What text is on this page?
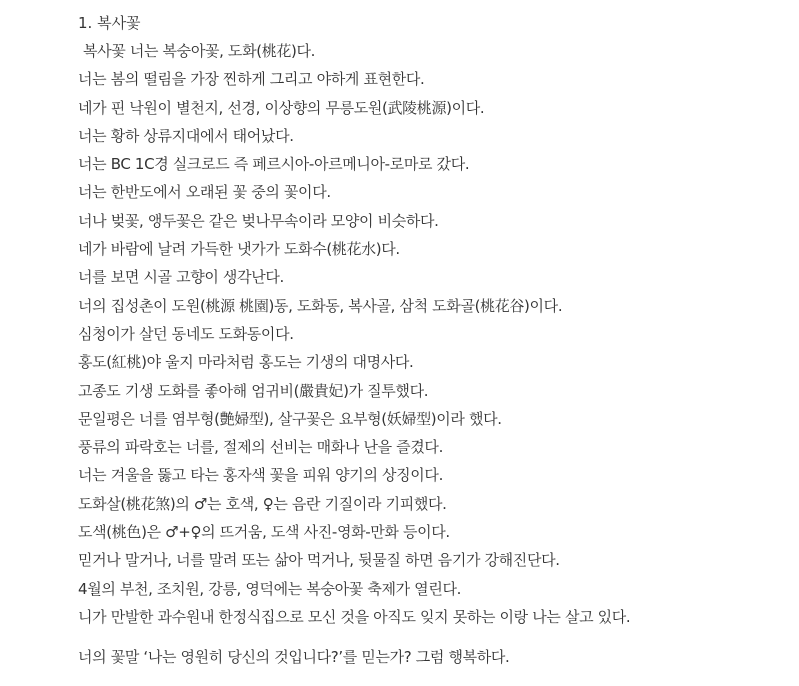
1. 복사꽃
복사꽃 너는 복숭아꽃, 도화(桃花)다.
너는 봄의 떨림을 가장 찐하게 그리고 야하게 표현한다.
네가 핀 낙원이 별천지, 선경, 이상향의 무릉도원(武陵桃源)이다.
너는 황하 상류지대에서 태어났다.
너는 BC 1C경 실크로드 즉 페르시아-아르메니아-로마로 갔다.
너는 한반도에서 오래된 꽃 중의 꽃이다.
너나 벚꽃, 앵두꽃은 같은 벚나무속이라 모양이 비슷하다.
네가 바람에 날려 가득한 냇가가 도화수(桃花水)다.
너를 보면 시골 고향이 생각난다.
너의 집성촌이 도원(桃源 桃園)동, 도화동, 복사골, 삼척 도화골(桃花谷)이다.
심청이가 살던 동네도 도화동이다.
홍도(紅桃)야 울지 마라처럼 홍도는 기생의 대명사다.
고종도 기생 도화를 좋아해 엄귀비(嚴貴妃)가 질투했다.
문일평은 너를 염부형(艶婦型), 살구꽃은 요부형(妖婦型)이라 했다.
풍류의 파락호는 너를, 절제의 선비는 매화나 난을 즐겼다.
너는 겨울을 뚫고 타는 홍자색 꽃을 피워 양기의 상징이다.
도화살(桃花煞)의 ♂는 호색, ♀는 음란 기질이라 기피했다.
도색(桃色)은 ♂+♀의 뜨거움, 도색 사진-영화-만화 등이다.
믿거나 말거나, 너를 말려 또는 삶아 먹거나, 뒷물질 하면 음기가 강해진단다.
4월의 부천, 조치원, 강릉, 영덕에는 복숭아꽃 축제가 열린다.
니가 만발한 과수원내 한정식집으로 모신 것을 아직도 잊지 못하는 이랑 나는 살고 있다.
너의 꽃말 ‘나는 영원히 당신의 것입니다?’를 믿는가? 그럼 행복하다.
